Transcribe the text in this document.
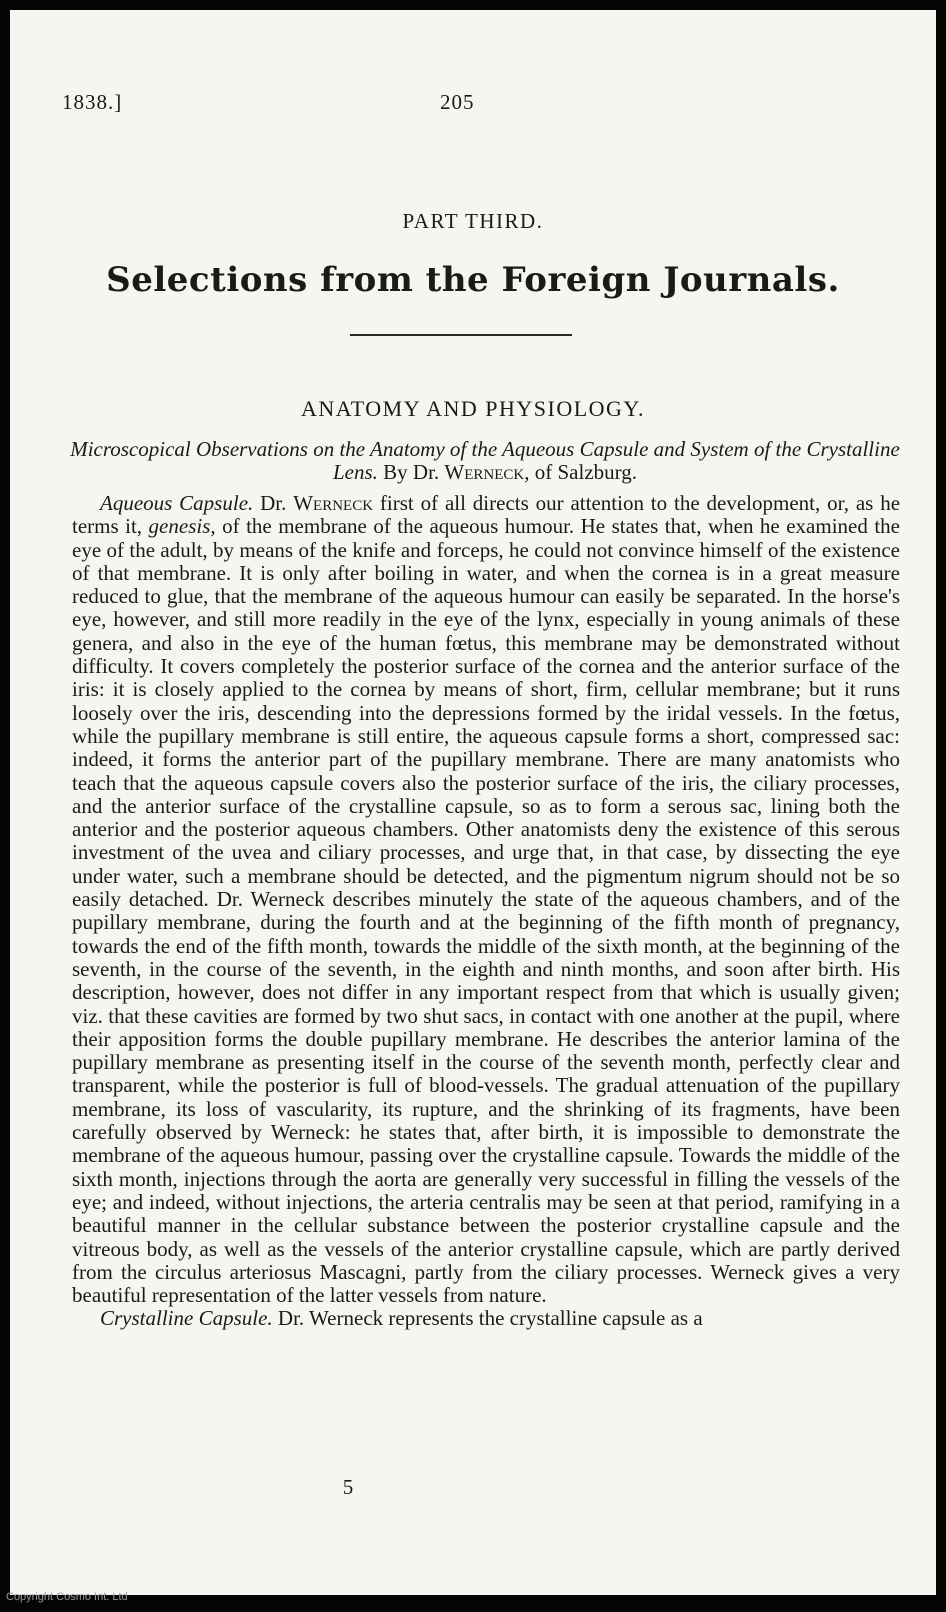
1838.]	205
PART THIRD.
Selections from the Foreign Journals.
ANATOMY AND PHYSIOLOGY.
Microscopical Observations on the Anatomy of the Aqueous Capsule and System of the Crystalline Lens. By Dr. Werneck, of Salzburg.

Aqueous Capsule. Dr. Werneck first of all directs our attention to the development, or, as he terms it, genesis, of the membrane of the aqueous humour. He states that, when he examined the eye of the adult, by means of the knife and forceps, he could not convince himself of the existence of that membrane. It is only after boiling in water, and when the cornea is in a great measure reduced to glue, that the membrane of the aqueous humour can easily be separated. In the horse's eye, however, and still more readily in the eye of the lynx, especially in young animals of these genera, and also in the eye of the human fœtus, this membrane may be demonstrated without difficulty. It covers completely the posterior surface of the cornea and the anterior surface of the iris: it is closely applied to the cornea by means of short, firm, cellular membrane; but it runs loosely over the iris, descending into the depressions formed by the iridal vessels. In the fœtus, while the pupillary membrane is still entire, the aqueous capsule forms a short, compressed sac: indeed, it forms the anterior part of the pupillary membrane. There are many anatomists who teach that the aqueous capsule covers also the posterior surface of the iris, the ciliary processes, and the anterior surface of the crystalline capsule, so as to form a serous sac, lining both the anterior and the posterior aqueous chambers. Other anatomists deny the existence of this serous investment of the uvea and ciliary processes, and urge that, in that case, by dissecting the eye under water, such a membrane should be detected, and the pigmentum nigrum should not be so easily detached. Dr. Werneck describes minutely the state of the aqueous chambers, and of the pupillary membrane, during the fourth and at the beginning of the fifth month of pregnancy, towards the end of the fifth month, towards the middle of the sixth month, at the beginning of the seventh, in the course of the seventh, in the eighth and ninth months, and soon after birth. His description, however, does not differ in any important respect from that which is usually given; viz. that these cavities are formed by two shut sacs, in contact with one another at the pupil, where their apposition forms the double pupillary membrane. He describes the anterior lamina of the pupillary membrane as presenting itself in the course of the seventh month, perfectly clear and transparent, while the posterior is full of blood-vessels. The gradual attenuation of the pupillary membrane, its loss of vascularity, its rupture, and the shrinking of its fragments, have been carefully observed by Werneck: he states that, after birth, it is impossible to demonstrate the membrane of the aqueous humour, passing over the crystalline capsule. Towards the middle of the sixth month, injections through the aorta are generally very successful in filling the vessels of the eye; and indeed, without injections, the arteria centralis may be seen at that period, ramifying in a beautiful manner in the cellular substance between the posterior crystalline capsule and the vitreous body, as well as the vessels of the anterior crystalline capsule, which are partly derived from the circulus arteriosus Mascagni, partly from the ciliary processes. Werneck gives a very beautiful representation of the latter vessels from nature.

Crystalline Capsule. Dr. Werneck represents the crystalline capsule as a

5
Copyright Cosmo Int. Ltd
